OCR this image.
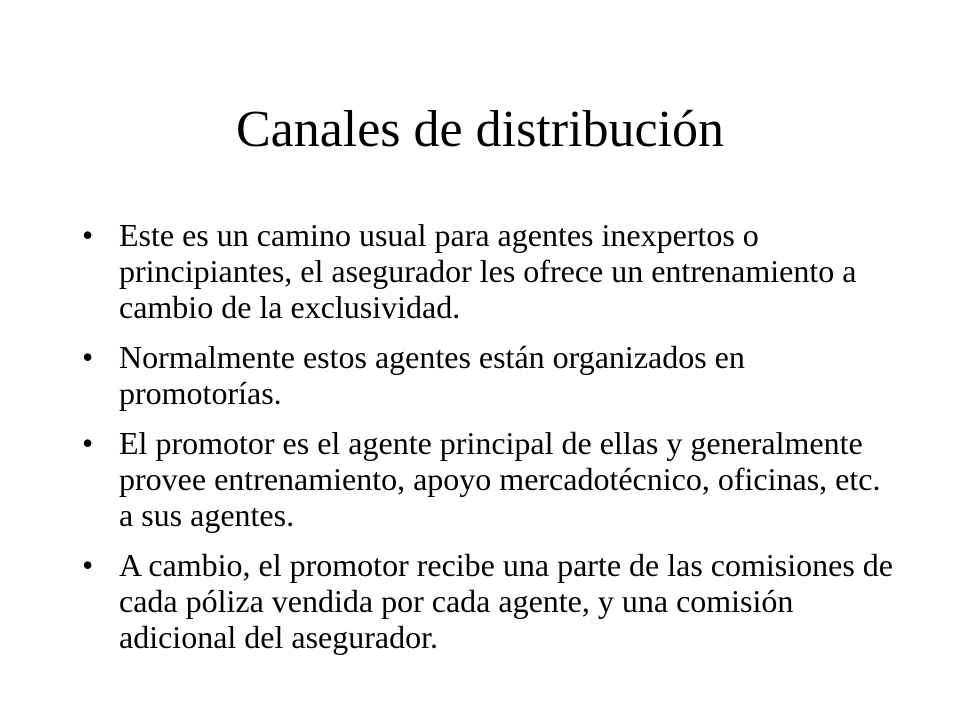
Canales de distribución
• Este es un camino usual para agentes inexpertos o principiantes, el asegurador les ofrece un entrenamiento a cambio de la exclusividad.
• Normalmente estos agentes están organizados en promotorías.
• El promotor es el agente principal de ellas y generalmente provee entrenamiento, apoyo mercadotécnico, oficinas, etc. a sus agentes.
• A cambio, el promotor recibe una parte de las comisiones de cada póliza vendida por cada agente, y una comisión adicional del asegurador.
